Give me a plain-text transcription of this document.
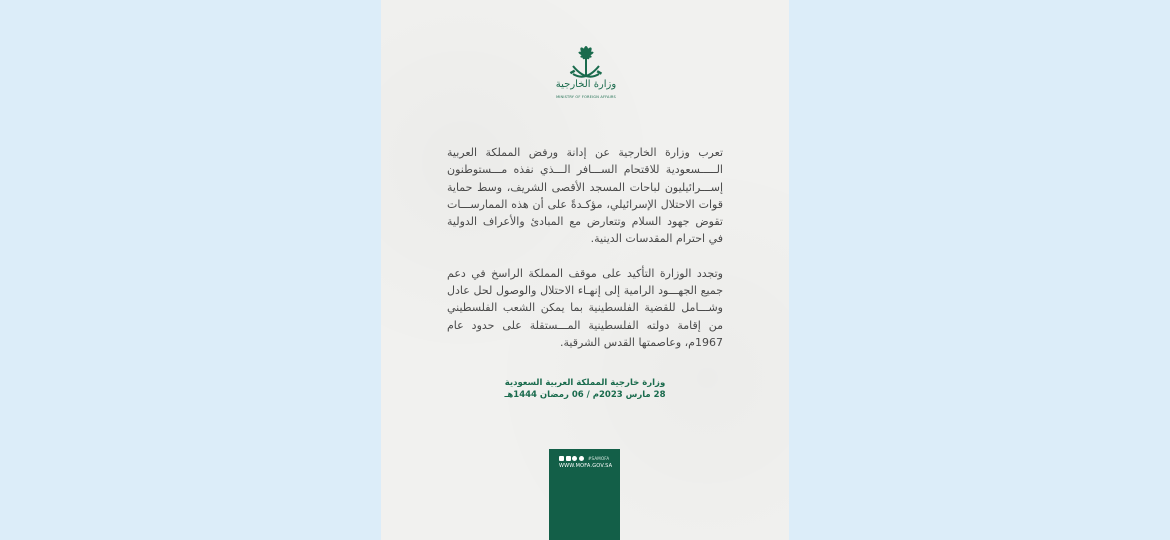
وزارة الخارجية
MINISTRY OF FOREIGN AFFAIRS

تعرب وزارة الخارجية عن إدانة ورفض المملكة العربية الـــــسعودية للاقتحام الســـافر الـــذي نفذه مـــستوطنون إســـرائيليون لباحات المسجد الأقصى الشريف، وسط حماية قوات الاحتلال الإسرائيلي، مؤكـدةً على أن هذه الممارســـات تقوض جهود السلام وتتعارض مع المبادئ والأعراف الدولية في احترام المقدسات الدينية.

وتجدد الوزارة التأكيد على موقف المملكة الراسخ في دعم جميع الجهـــود الرامية إلى إنهـاء الاحتلال والوصول لحل عادل وشـــامل للقضية الفلسطينية بما يمكن الشعب الفلسطيني من إقامة دولته الفلسطينية المـــستقلة على حدود عام 1967م، وعاصمتها القدس الشرقية.

وزارة خارجية المملكة العربية السعودية
28 مارس 2023م / 06 رمضان 1444هـ
#SAMOFA
WWW.MOFA.GOV.SA
